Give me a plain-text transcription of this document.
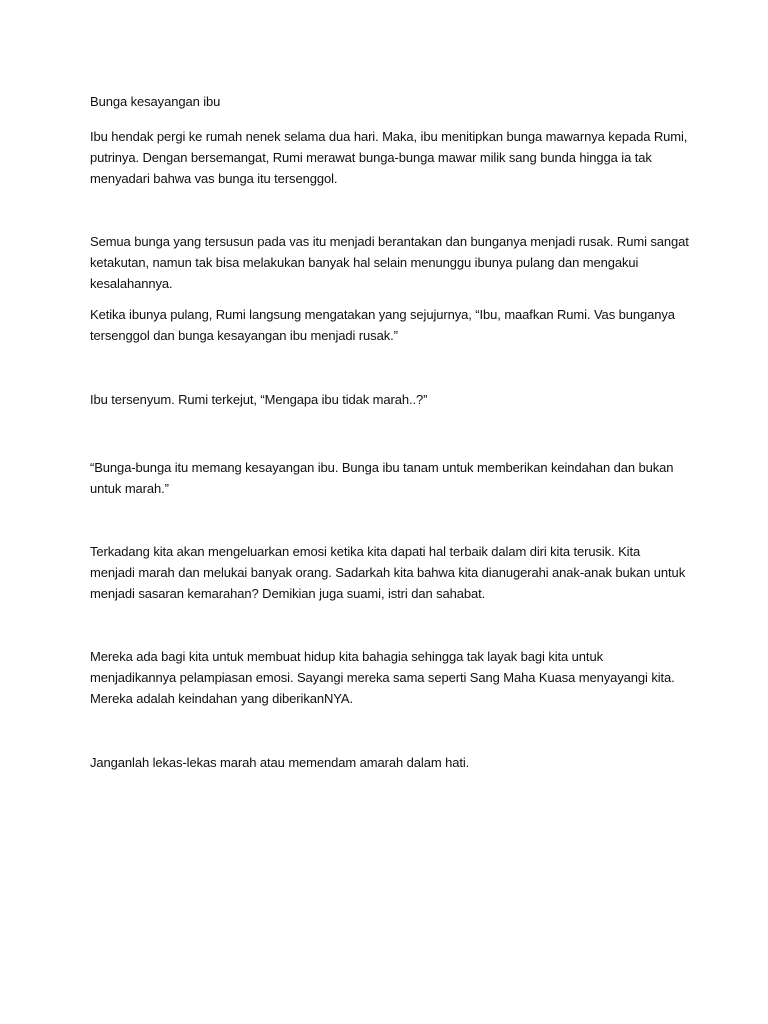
Bunga kesayangan ibu

Ibu hendak pergi ke rumah nenek selama dua hari. Maka, ibu menitipkan bunga mawarnya kepada Rumi,
putrinya. Dengan bersemangat, Rumi merawat bunga-bunga mawar milik sang bunda hingga ia tak
menyadari bahwa vas bunga itu tersenggol.

Semua bunga yang tersusun pada vas itu menjadi berantakan dan bunganya menjadi rusak. Rumi sangat
ketakutan, namun tak bisa melakukan banyak hal selain menunggu ibunya pulang dan mengakui
kesalahannya.

Ketika ibunya pulang, Rumi langsung mengatakan yang sejujurnya, “Ibu, maafkan Rumi. Vas bunganya
tersenggol dan bunga kesayangan ibu menjadi rusak.”

Ibu tersenyum. Rumi terkejut, “Mengapa ibu tidak marah..?”

“Bunga-bunga itu memang kesayangan ibu. Bunga ibu tanam untuk memberikan keindahan dan bukan
untuk marah.”

Terkadang kita akan mengeluarkan emosi ketika kita dapati hal terbaik dalam diri kita terusik. Kita
menjadi marah dan melukai banyak orang. Sadarkah kita bahwa kita dianugerahi anak-anak bukan untuk
menjadi sasaran kemarahan? Demikian juga suami, istri dan sahabat.

Mereka ada bagi kita untuk membuat hidup kita bahagia sehingga tak layak bagi kita untuk
menjadikannya pelampiasan emosi. Sayangi mereka sama seperti Sang Maha Kuasa menyayangi kita.
Mereka adalah keindahan yang diberikanNYA.

Janganlah lekas-lekas marah atau memendam amarah dalam hati.
